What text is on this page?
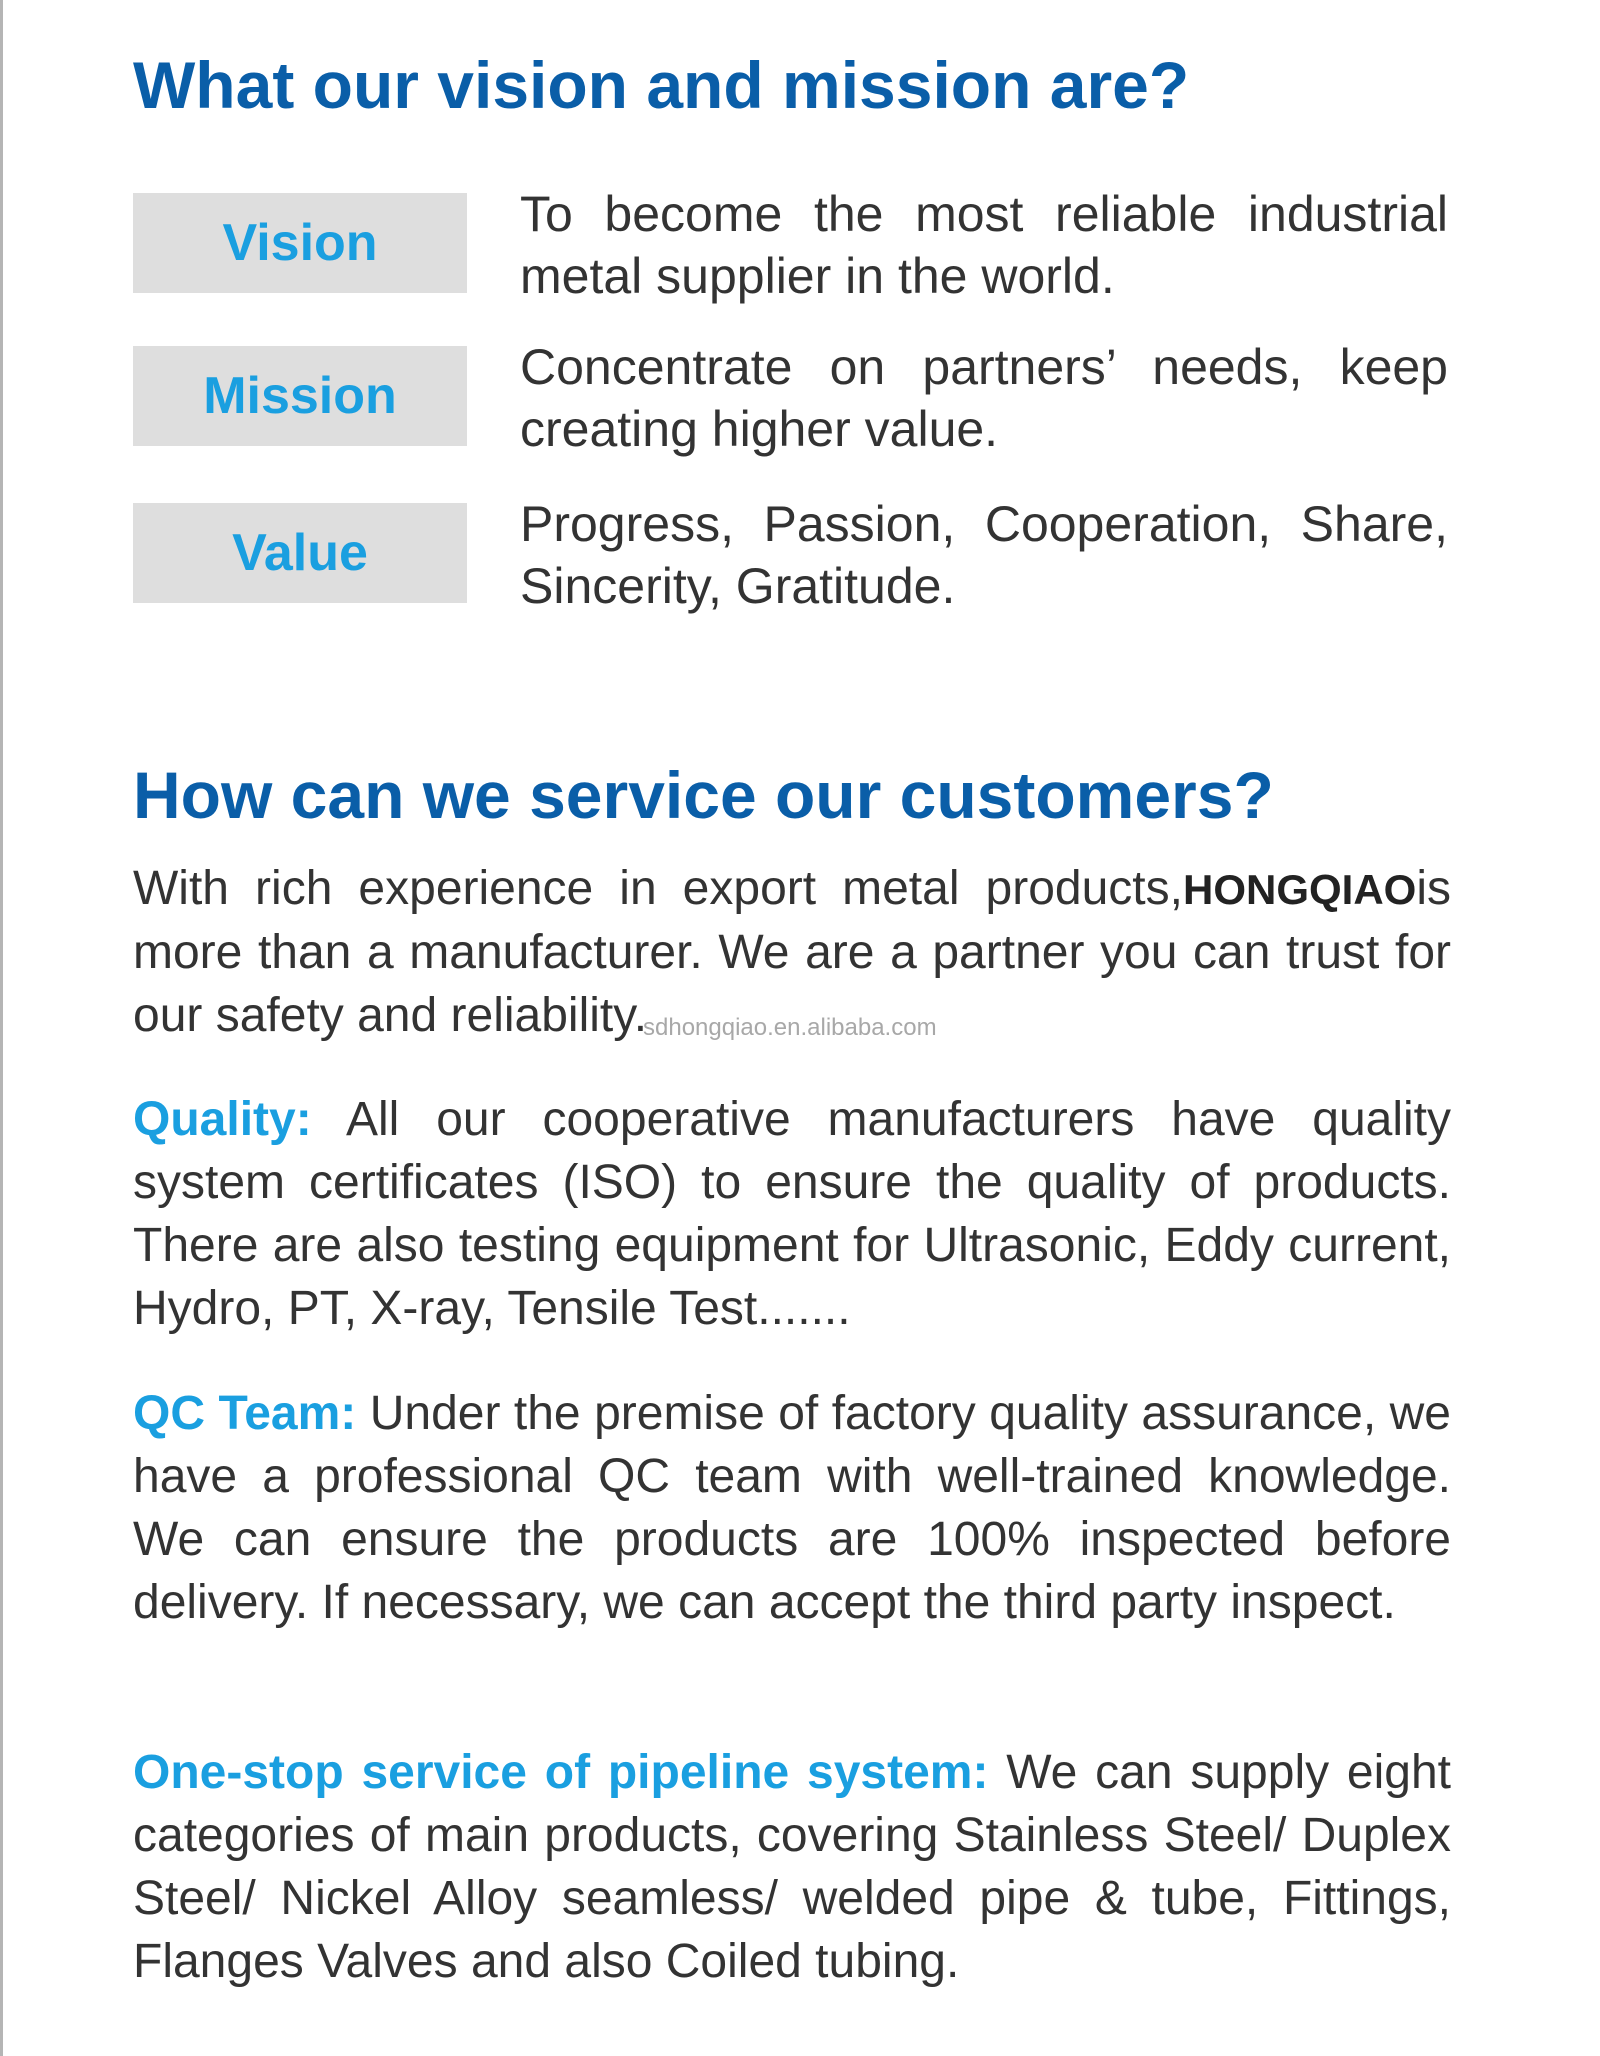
What our vision and mission are?
Vision	To become the most reliable industrial metal supplier in the world.
Mission	Concentrate on partners’ needs, keep creating higher value.
Value	Progress, Passion, Cooperation, Share, Sincerity, Gratitude.
How can we service our customers?

With rich experience in export metal products,HONGQIAOis more than a manufacturer. We are a partner you can trust for our safety and reliability.

sdhongqiao.en.alibaba.com

Quality: All our cooperative manufacturers have quality system certificates (ISO) to ensure the quality of products. There are also testing equipment for Ultrasonic, Eddy current, Hydro, PT, X-ray, Tensile Test.......

QC Team: Under the premise of factory quality assurance, we have a professional QC team with well-trained knowledge. We can ensure the products are 100% inspected before delivery. If necessary, we can accept the third party inspect.

One-stop service of pipeline system: We can supply eight categories of main products, covering Stainless Steel/ Duplex Steel/ Nickel Alloy seamless/ welded pipe & tube, Fittings, Flanges Valves and also Coiled tubing.
